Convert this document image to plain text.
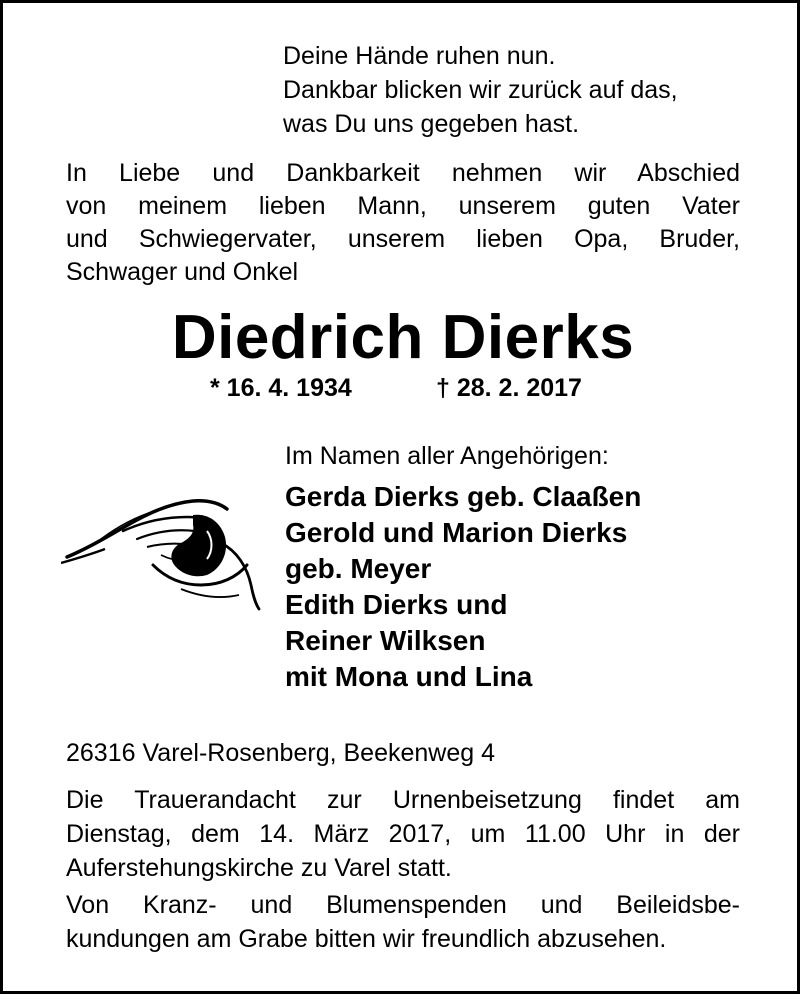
Deine Hände ruhen nun.
Dankbar blicken wir zurück auf das,
was Du uns gegeben hast.
In Liebe und Dankbarkeit nehmen wir Abschied
von meinem lieben Mann, unserem guten Vater
und Schwiegervater, unserem lieben Opa, Bruder,
Schwager und Onkel
Diedrich Dierks
* 16. 4. 1934	† 28. 2. 2017
Im Namen aller Angehörigen:
Gerda Dierks geb. Claaßen
Gerold und Marion Dierks
geb. Meyer
Edith Dierks und
Reiner Wilksen
mit Mona und Lina
26316 Varel-Rosenberg, Beekenweg 4
Die Trauerandacht zur Urnenbeisetzung findet am
Dienstag, dem 14. März 2017, um 11.00 Uhr in der
Auferstehungskirche zu Varel statt.
Von Kranz- und Blumenspenden und Beileidsbe-
kundungen am Grabe bitten wir freundlich abzusehen.
